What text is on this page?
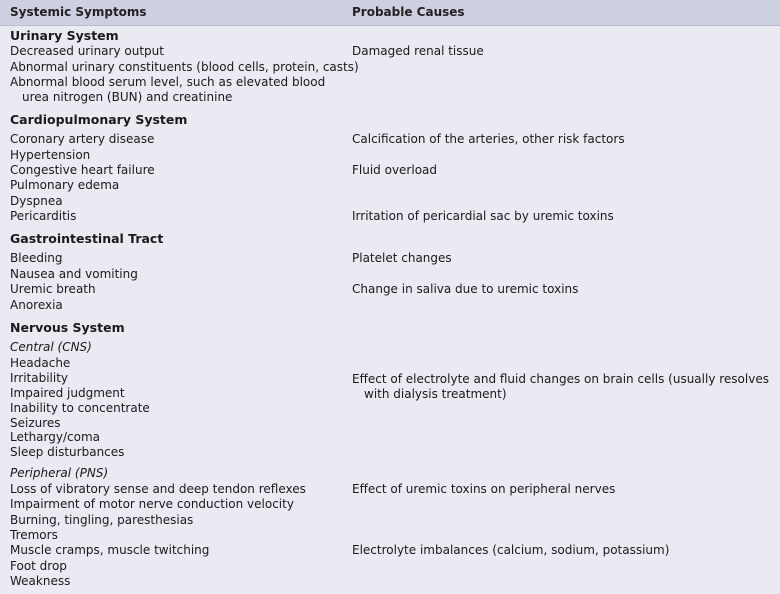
Systemic Symptoms	Probable Causes
Urinary System
Decreased urinary output
Abnormal urinary constituents (blood cells, protein, casts)
Abnormal blood serum level, such as elevated blood
urea nitrogen (BUN) and creatinine
Damaged renal tissue
Cardiopulmonary System
Coronary artery disease
Hypertension
Congestive heart failure
Pulmonary edema
Dyspnea
Pericarditis
Calcification of the arteries, other risk factors
Fluid overload
Irritation of pericardial sac by uremic toxins
Gastrointestinal Tract
Bleeding
Nausea and vomiting
Uremic breath
Anorexia
Platelet changes
Change in saliva due to uremic toxins
Nervous System
Central (CNS)
Headache
Irritability
Impaired judgment
Inability to concentrate
Seizures
Lethargy/coma
Sleep disturbances
Effect of electrolyte and fluid changes on brain cells (usually resolves
with dialysis treatment)
Peripheral (PNS)
Loss of vibratory sense and deep tendon reflexes
Impairment of motor nerve conduction velocity
Burning, tingling, paresthesias
Tremors
Muscle cramps, muscle twitching
Foot drop
Weakness
Effect of uremic toxins on peripheral nerves
Electrolyte imbalances (calcium, sodium, potassium)
